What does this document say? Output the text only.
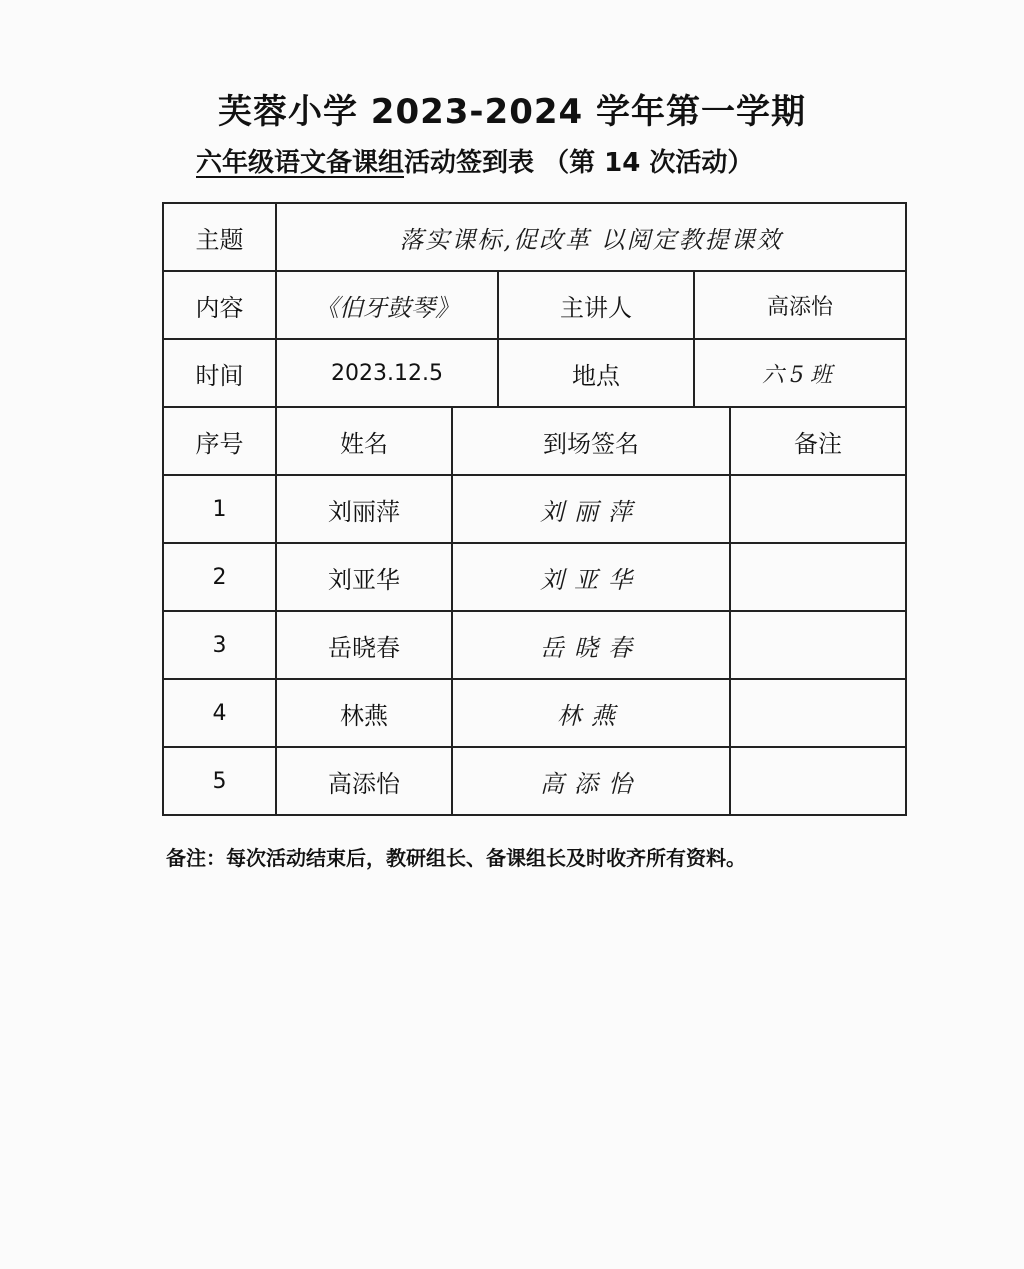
芙蓉小学 2023-2024 学年第一学期
六年级语文备课组活动签到表 （第 14 次活动）
主题	落实课标,促改革 以阅定教提课效				
内容	《伯牙鼓琴》		主讲人	高添怡	
时间	2023.12.5		地点	六5班	
序号	姓名	到场签名			备注
1	刘丽萍	刘丽萍			
2	刘亚华	刘亚华			
3	岳晓春	岳晓春			
4	林燕	林燕			
5	高添怡	高添怡			
备注：每次活动结束后，教研组长、备课组长及时收齐所有资料。
